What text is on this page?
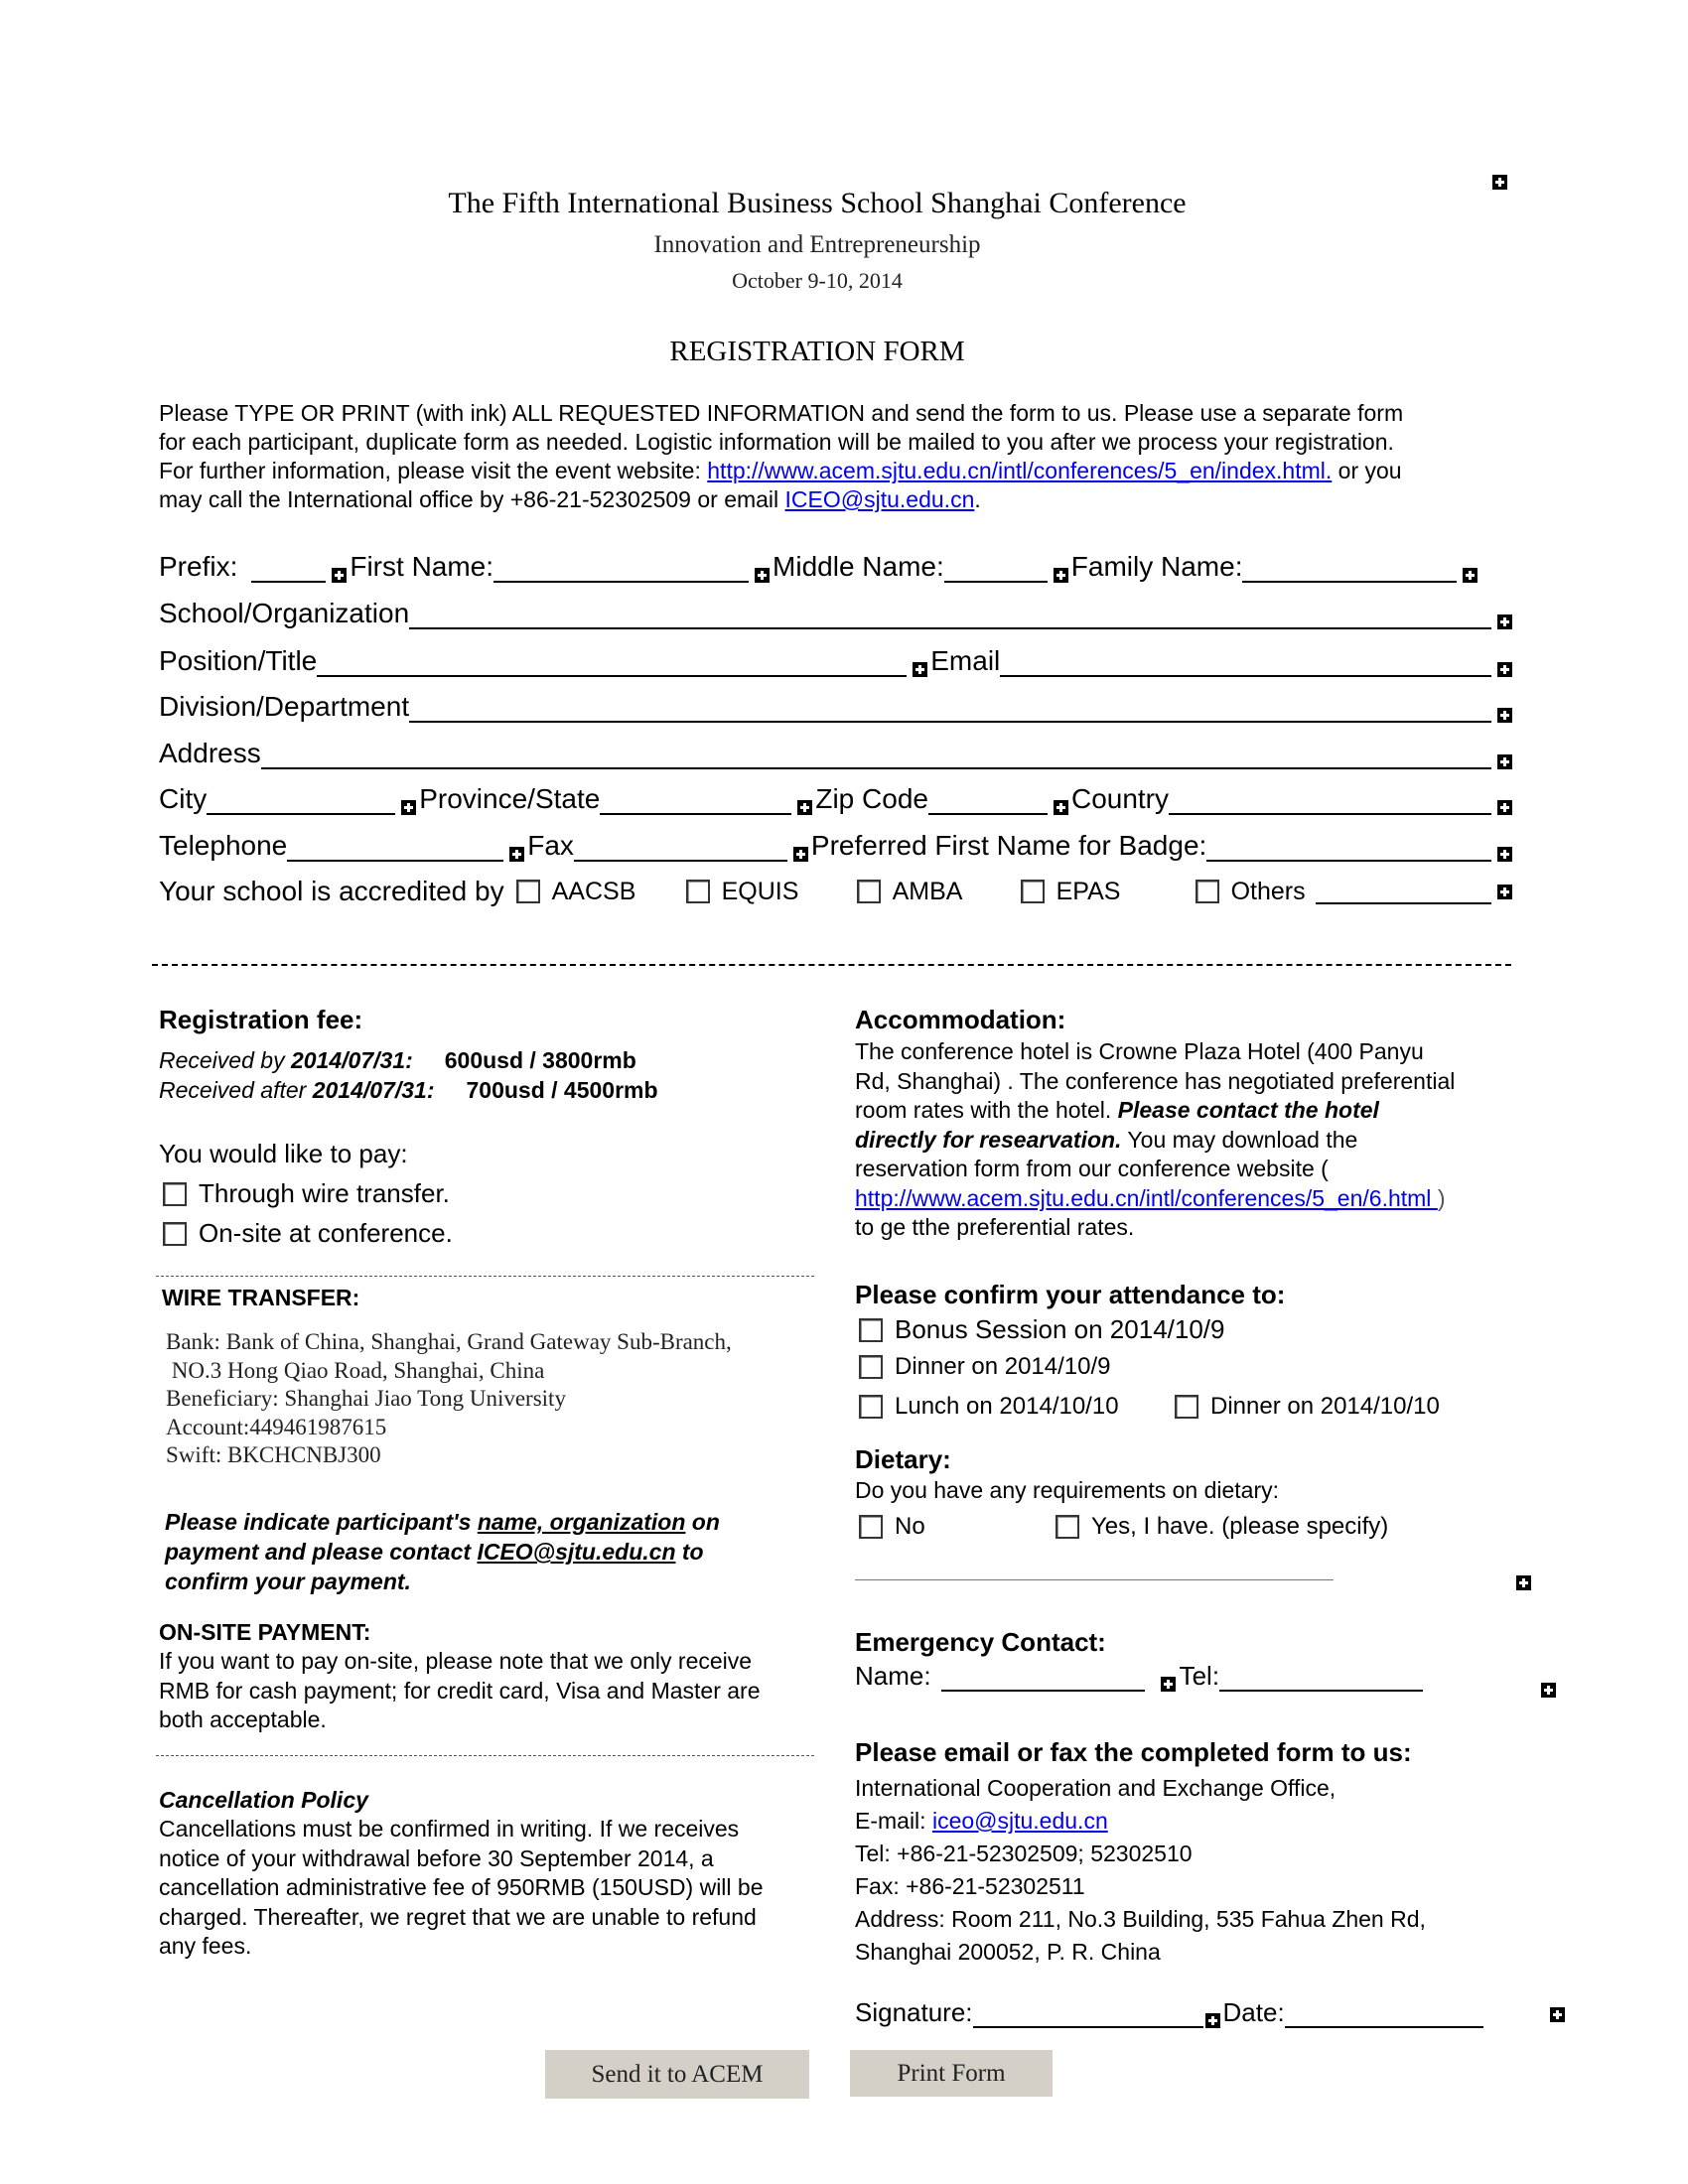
The Fifth International Business School Shanghai Conference
Innovation and Entrepreneurship
October 9-10, 2014
REGISTRATION FORM
Please TYPE OR PRINT (with ink) ALL REQUESTED INFORMATION and send the form to us. Please use a separate form
for each participant, duplicate form as needed. Logistic information will be mailed to you after we process your registration.
For further information, please visit the event website: http://www.acem.sjtu.edu.cn/intl/conferences/5_en/index.html. or you
may call the International office by +86-21-52302509 or email ICEO@sjtu.edu.cn.
Prefix:	First Name:	Middle Name:	Family Name:
School/Organization
Position/Title	Email
Division/Department
Address
City	Province/State	Zip Code	Country
Telephone	Fax	Preferred First Name for Badge:
Your school is accredited by AACSB	EQUIS	AMBA	EPAS	Others
Registration fee:
Received by 2014/07/31: 600usd / 3800rmb
Received after 2014/07/31: 700usd / 4500rmb
You would like to pay:
Through wire transfer.
On-site at conference.
WIRE TRANSFER:
Bank: Bank of China, Shanghai, Grand Gateway Sub-Branch,
NO.3 Hong Qiao Road, Shanghai, China
Beneficiary: Shanghai Jiao Tong University
Account:449461987615
Swift: BKCHCNBJ300
Please indicate participant's name, organization on
payment and please contact ICEO@sjtu.edu.cn to
confirm your payment.
ON-SITE PAYMENT:
If you want to pay on-site, please note that we only receive
RMB for cash payment; for credit card, Visa and Master are
both acceptable.
Cancellation Policy
Cancellations must be confirmed in writing. If we receives
notice of your withdrawal before 30 September 2014, a
cancellation administrative fee of 950RMB (150USD) will be
charged. Thereafter, we regret that we are unable to refund
any fees.
Accommodation:
The conference hotel is Crowne Plaza Hotel (400 Panyu
Rd, Shanghai) . The conference has negotiated preferential
room rates with the hotel. Please contact the hotel
directly for researvation. You may download the
reservation form from our conference website (
http://www.acem.sjtu.edu.cn/intl/conferences/5_en/6.html )
to ge tthe preferential rates.
Please confirm your attendance to:
Bonus Session on 2014/10/9
Dinner on 2014/10/9
Lunch on 2014/10/10	Dinner on 2014/10/10
Dietary:
Do you have any requirements on dietary:
No	Yes, I have. (please specify)

Emergency Contact:
Name:	Tel:

Please email or fax the completed form to us:
International Cooperation and Exchange Office,
E-mail: iceo@sjtu.edu.cn
Tel: +86-21-52302509; 52302510
Fax: +86-21-52302511
Address: Room 211, No.3 Building, 535 Fahua Zhen Rd,
Shanghai 200052, P. R. China
Signature:	Date:
Send it to ACEM	Print Form
